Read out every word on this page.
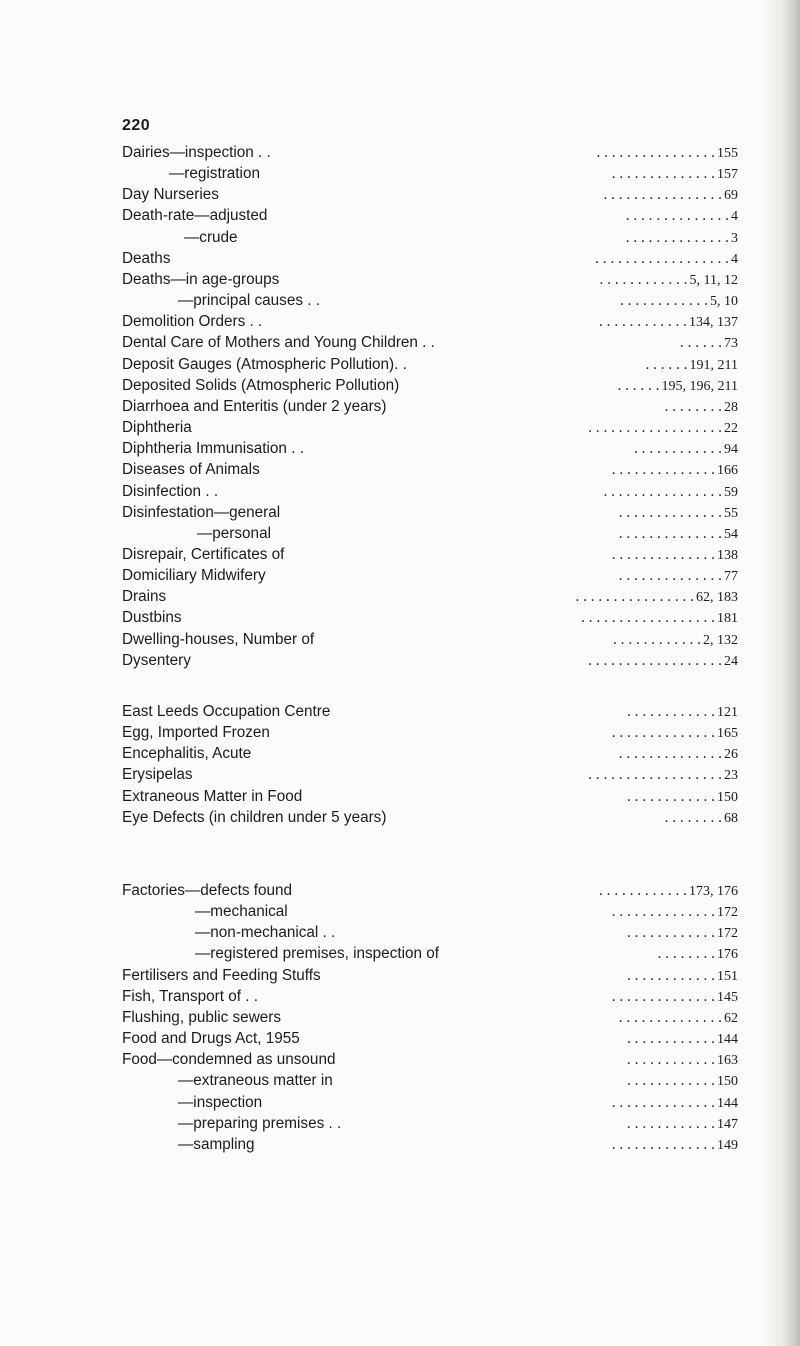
220
Dairies—inspection . .	. . . . . . . . . . . . . . . . 155
—registration	. . . . . . . . . . . . . . 157
Day Nurseries	. . . . . . . . . . . . . . . . 69
Death-rate—adjusted	. . . . . . . . . . . . . . 4
—crude	. . . . . . . . . . . . . . 3
Deaths	. . . . . . . . . . . . . . . . . . 4
Deaths—in age-groups	. . . . . . . . . . . . 5, 11, 12
—principal causes . .	. . . . . . . . . . . . 5, 10
Demolition Orders . .	. . . . . . . . . . . . 134, 137
Dental Care of Mothers and Young Children . .	. . . . . . 73
Deposit Gauges (Atmospheric Pollution). .	. . . . . . 191, 211
Deposited Solids (Atmospheric Pollution)	. . . . . . 195, 196, 211
Diarrhoea and Enteritis (under 2 years)	. . . . . . . . 28
Diphtheria	. . . . . . . . . . . . . . . . . . 22
Diphtheria Immunisation . .	. . . . . . . . . . . . 94
Diseases of Animals	. . . . . . . . . . . . . . 166
Disinfection . .	. . . . . . . . . . . . . . . . 59
Disinfestation—general	. . . . . . . . . . . . . . 55
—personal	. . . . . . . . . . . . . . 54
Disrepair, Certificates of	. . . . . . . . . . . . . . 138
Domiciliary Midwifery	. . . . . . . . . . . . . . 77
Drains	. . . . . . . . . . . . . . . . 62, 183
Dustbins	. . . . . . . . . . . . . . . . . . 181
Dwelling-houses, Number of	. . . . . . . . . . . . 2, 132
Dysentery	. . . . . . . . . . . . . . . . . . 24
East Leeds Occupation Centre	. . . . . . . . . . . . 121
Egg, Imported Frozen	. . . . . . . . . . . . . . 165
Encephalitis, Acute	. . . . . . . . . . . . . . 26
Erysipelas	. . . . . . . . . . . . . . . . . . 23
Extraneous Matter in Food	. . . . . . . . . . . . 150
Eye Defects (in children under 5 years)	. . . . . . . . 68
Factories—defects found	. . . . . . . . . . . . 173, 176
—mechanical	. . . . . . . . . . . . . . 172
—non-mechanical . .	. . . . . . . . . . . . 172
—registered premises, inspection of	. . . . . . . . 176
Fertilisers and Feeding Stuffs	. . . . . . . . . . . . 151
Fish, Transport of . .	. . . . . . . . . . . . . . 145
Flushing, public sewers	. . . . . . . . . . . . . . 62
Food and Drugs Act, 1955	. . . . . . . . . . . . 144
Food—condemned as unsound	. . . . . . . . . . . . 163
—extraneous matter in	. . . . . . . . . . . . 150
—inspection	. . . . . . . . . . . . . . 144
—preparing premises . .	. . . . . . . . . . . . 147
—sampling	. . . . . . . . . . . . . . 149
